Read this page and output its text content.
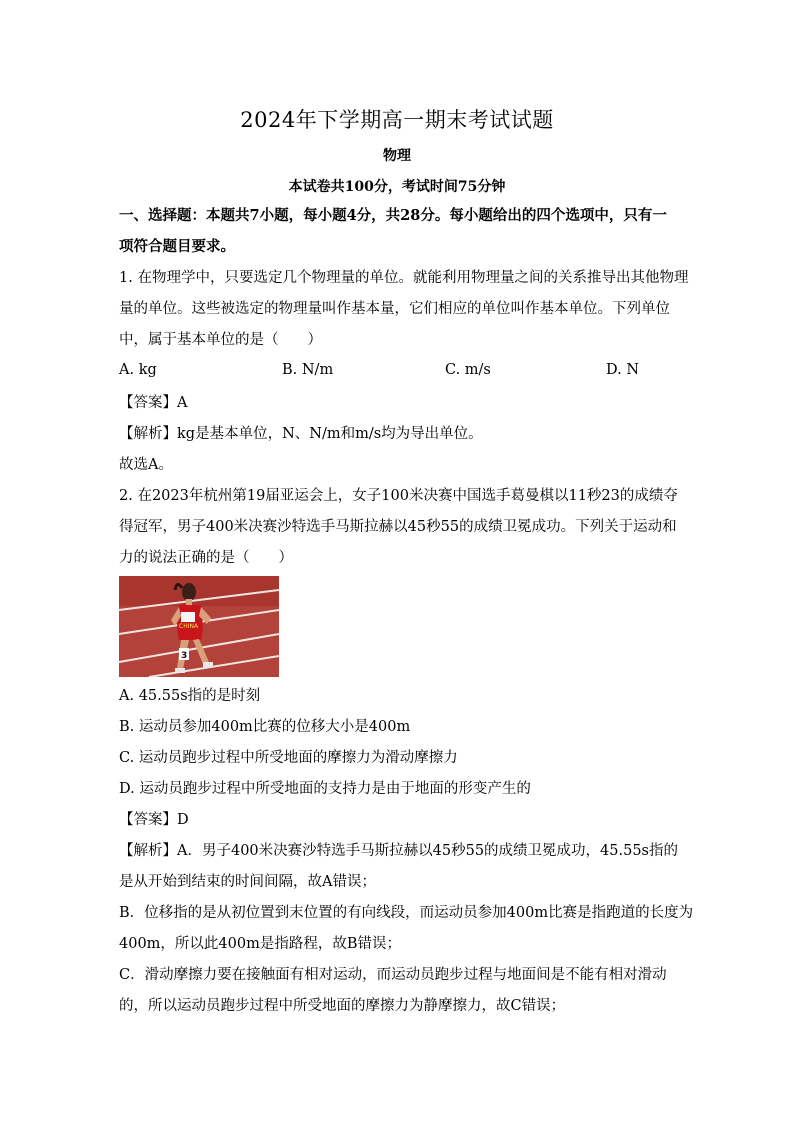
2024年下学期高一期末考试试题
物理
本试卷共100分，考试时间75分钟
一、选择题：本题共7小题，每小题4分，共28分。每小题给出的四个选项中，只有一
项符合题目要求。
1. 在物理学中，只要选定几个物理量的单位。就能利用物理量之间的关系推导出其他物理
量的单位。这些被选定的物理量叫作基本量，它们相应的单位叫作基本单位。下列单位
中，属于基本单位的是（　　）
A. kg	B. N/m	C. m/s	D. N
【答案】A
【解析】kg是基本单位，N、N/m和m/s均为导出单位。
故选A。
2. 在2023年杭州第19届亚运会上，女子100米决赛中国选手葛曼棋以11秒23的成绩夺
得冠军，男子400米决赛沙特选手马斯拉赫以45秒55的成绩卫冕成功。下列关于运动和
力的说法正确的是（　　）
CHINA
3
A. 45.55s指的是时刻
B. 运动员参加400m比赛的位移大小是400m
C. 运动员跑步过程中所受地面的摩擦力为滑动摩擦力
D. 运动员跑步过程中所受地面的支持力是由于地面的形变产生的
【答案】D
【解析】A．男子400米决赛沙特选手马斯拉赫以45秒55的成绩卫冕成功，45.55s指的
是从开始到结束的时间间隔，故A错误；
B．位移指的是从初位置到末位置的有向线段，而运动员参加400m比赛是指跑道的长度为
400m，所以此400m是指路程，故B错误；
C．滑动摩擦力要在接触面有相对运动，而运动员跑步过程与地面间是不能有相对滑动
的，所以运动员跑步过程中所受地面的摩擦力为静摩擦力，故C错误；
